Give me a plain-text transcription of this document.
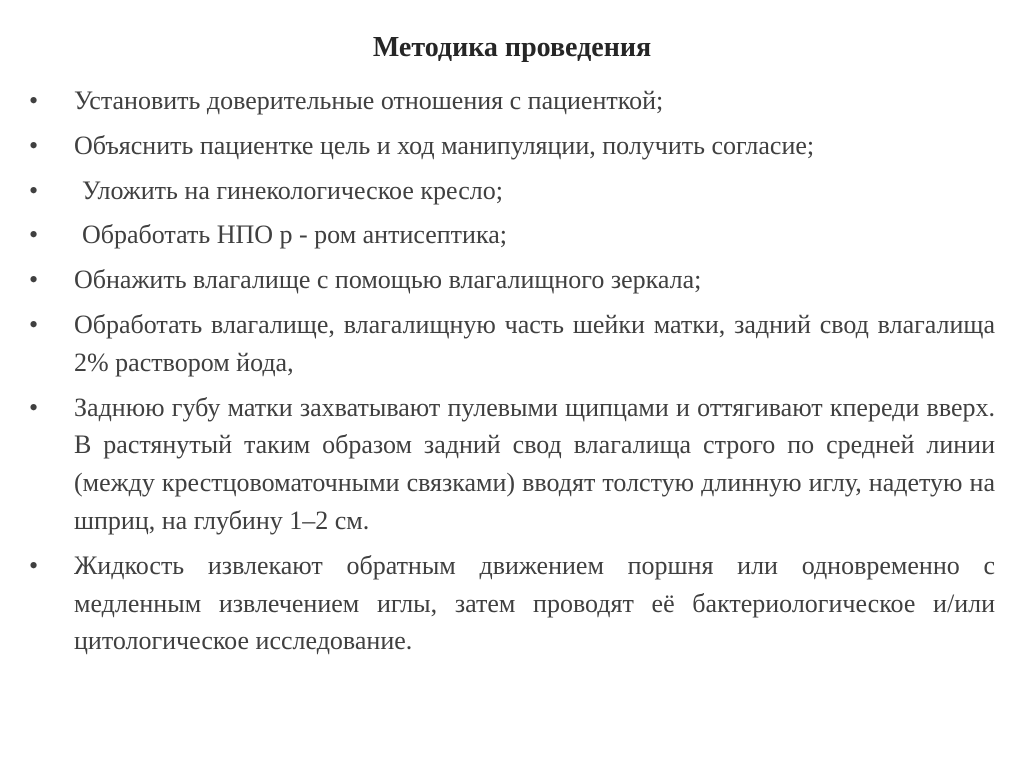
Методика проведения
•	Установить доверительные отношения с пациенткой;
•	Объяснить пациентке цель и ход манипуляции, получить согласие;
•	Уложить на гинекологическое кресло;
•	Обработать НПО р - ром антисептика;
•	Обнажить влагалище с помощью влагалищного зеркала;
•	Обработать влагалище, влагалищную часть шейки матки, задний свод влагалища 2% раствором йода,
•	Заднюю губу матки захватывают пулевыми щипцами и оттягивают кпереди вверх. В растянутый таким образом задний свод влагалища строго по средней линии (между крестцовоматочными связками) вводят толстую длинную иглу, надетую на шприц, на глубину 1–2 см.
•	Жидкость извлекают обратным движением поршня или одновременно с медленным извлечением иглы, затем проводят её бактериологическое и/или цитологическое исследование.
